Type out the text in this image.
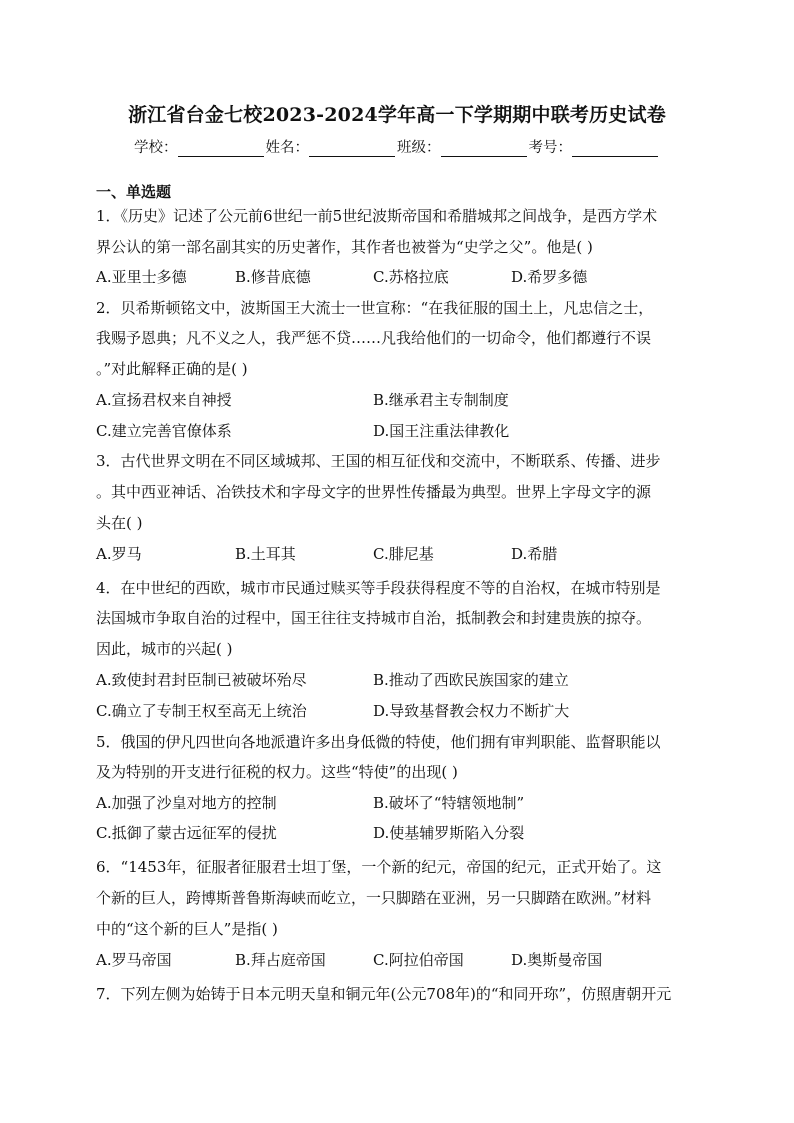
浙江省台金七校2023-2024学年高一下学期期中联考历史试卷
学校：	姓名：	班级：	考号：
一、单选题
1．《历史》记述了公元前6世纪一前5世纪波斯帝国和希腊城邦之间战争，是西方学术
界公认的第一部名副其实的历史著作，其作者也被誉为“史学之父”。他是( )
A.亚里士多德	B.修昔底德	C.苏格拉底	D.希罗多德
2．贝希斯顿铭文中，波斯国王大流士一世宣称：“在我征服的国土上，凡忠信之士，
我赐予恩典；凡不义之人，我严惩不贷……凡我给他们的一切命令，他们都遵行不误
。”对此解释正确的是( )
A.宣扬君权来自神授	B.继承君主专制制度
C.建立完善官僚体系	D.国王注重法律教化
3．古代世界文明在不同区域城邦、王国的相互征伐和交流中，不断联系、传播、进步
。其中西亚神话、冶铁技术和字母文字的世界性传播最为典型。世界上字母文字的源
头在( )
A.罗马	B.土耳其	C.腓尼基	D.希腊
4．在中世纪的西欧，城市市民通过赎买等手段获得程度不等的自治权，在城市特别是
法国城市争取自治的过程中，国王往往支持城市自治，抵制教会和封建贵族的掠夺。
因此，城市的兴起( )
A.致使封君封臣制已被破坏殆尽	B.推动了西欧民族国家的建立
C.确立了专制王权至高无上统治	D.导致基督教会权力不断扩大
5．俄国的伊凡四世向各地派遣许多出身低微的特使，他们拥有审判职能、监督职能以
及为特别的开支进行征税的权力。这些“特使”的出现( )
A.加强了沙皇对地方的控制	B.破坏了“特辖领地制”
C.抵御了蒙古远征军的侵扰	D.使基辅罗斯陷入分裂
6．“1453年，征服者征服君士坦丁堡，一个新的纪元，帝国的纪元，正式开始了。这
个新的巨人，跨博斯普鲁斯海峡而屹立，一只脚踏在亚洲，另一只脚踏在欧洲。”材料
中的“这个新的巨人”是指( )
A.罗马帝国	B.拜占庭帝国	C.阿拉伯帝国	D.奥斯曼帝国
7．下列左侧为始铸于日本元明天皇和铜元年(公元708年)的“和同开珎”，仿照唐朝开元
